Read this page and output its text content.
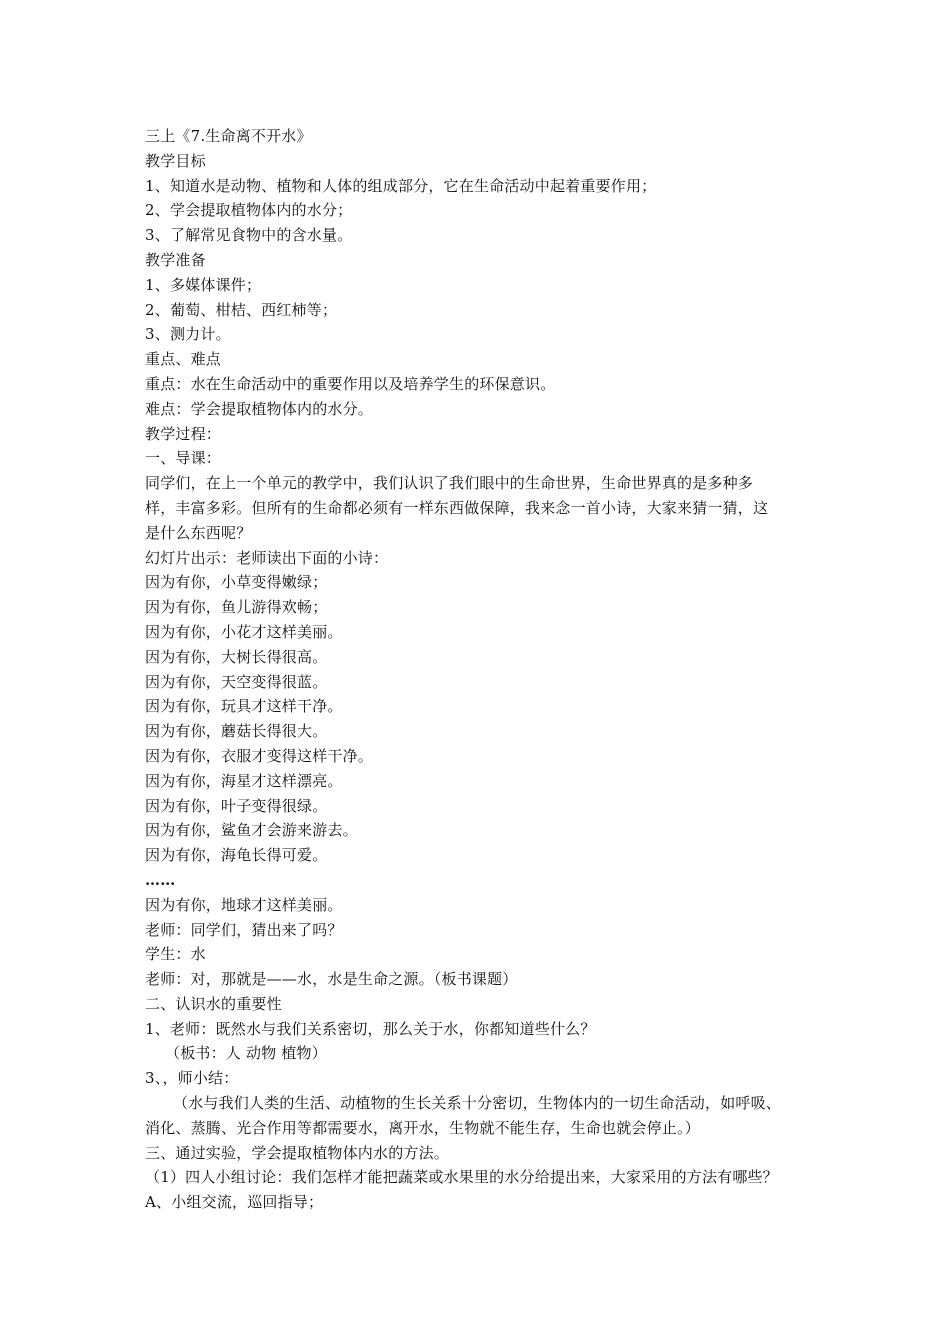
三上《7.生命离不开水》
教学目标
1、知道水是动物、植物和人体的组成部分，它在生命活动中起着重要作用；
2、学会提取植物体内的水分；
3、了解常见食物中的含水量。
教学准备
1、多媒体课件；
2、葡萄、柑桔、西红柿等；
3、测力计。
重点、难点
重点：水在生命活动中的重要作用以及培养学生的环保意识。
难点：学会提取植物体内的水分。
教学过程：
一、导课：
同学们，在上一个单元的教学中，我们认识了我们眼中的生命世界，生命世界真的是多种多
样，丰富多彩。但所有的生命都必须有一样东西做保障，我来念一首小诗，大家来猜一猜，这
是什么东西呢？
幻灯片出示：老师读出下面的小诗：
因为有你，小草变得嫩绿；
因为有你，鱼儿游得欢畅；
因为有你，小花才这样美丽。
因为有你，大树长得很高。
因为有你，天空变得很蓝。
因为有你，玩具才这样干净。
因为有你，蘑菇长得很大。
因为有你，衣服才变得这样干净。
因为有你，海星才这样漂亮。
因为有你，叶子变得很绿。
因为有你，鲨鱼才会游来游去。
因为有你，海龟长得可爱。
……
因为有你，地球才这样美丽。
老师：同学们，猜出来了吗？
学生：水
老师：对，那就是——水，水是生命之源。（板书课题）
二、认识水的重要性
1、老师：既然水与我们关系密切，那么关于水，你都知道些什么？
（板书：人 动物 植物）
3、，师小结：
（水与我们人类的生活、动植物的生长关系十分密切，生物体内的一切生命活动，如呼吸、
消化、蒸腾、光合作用等都需要水，离开水，生物就不能生存，生命也就会停止。）
三、通过实验，学会提取植物体内水的方法。
（1）四人小组讨论：我们怎样才能把蔬菜或水果里的水分给提出来，大家采用的方法有哪些？
A、小组交流，巡回指导；
